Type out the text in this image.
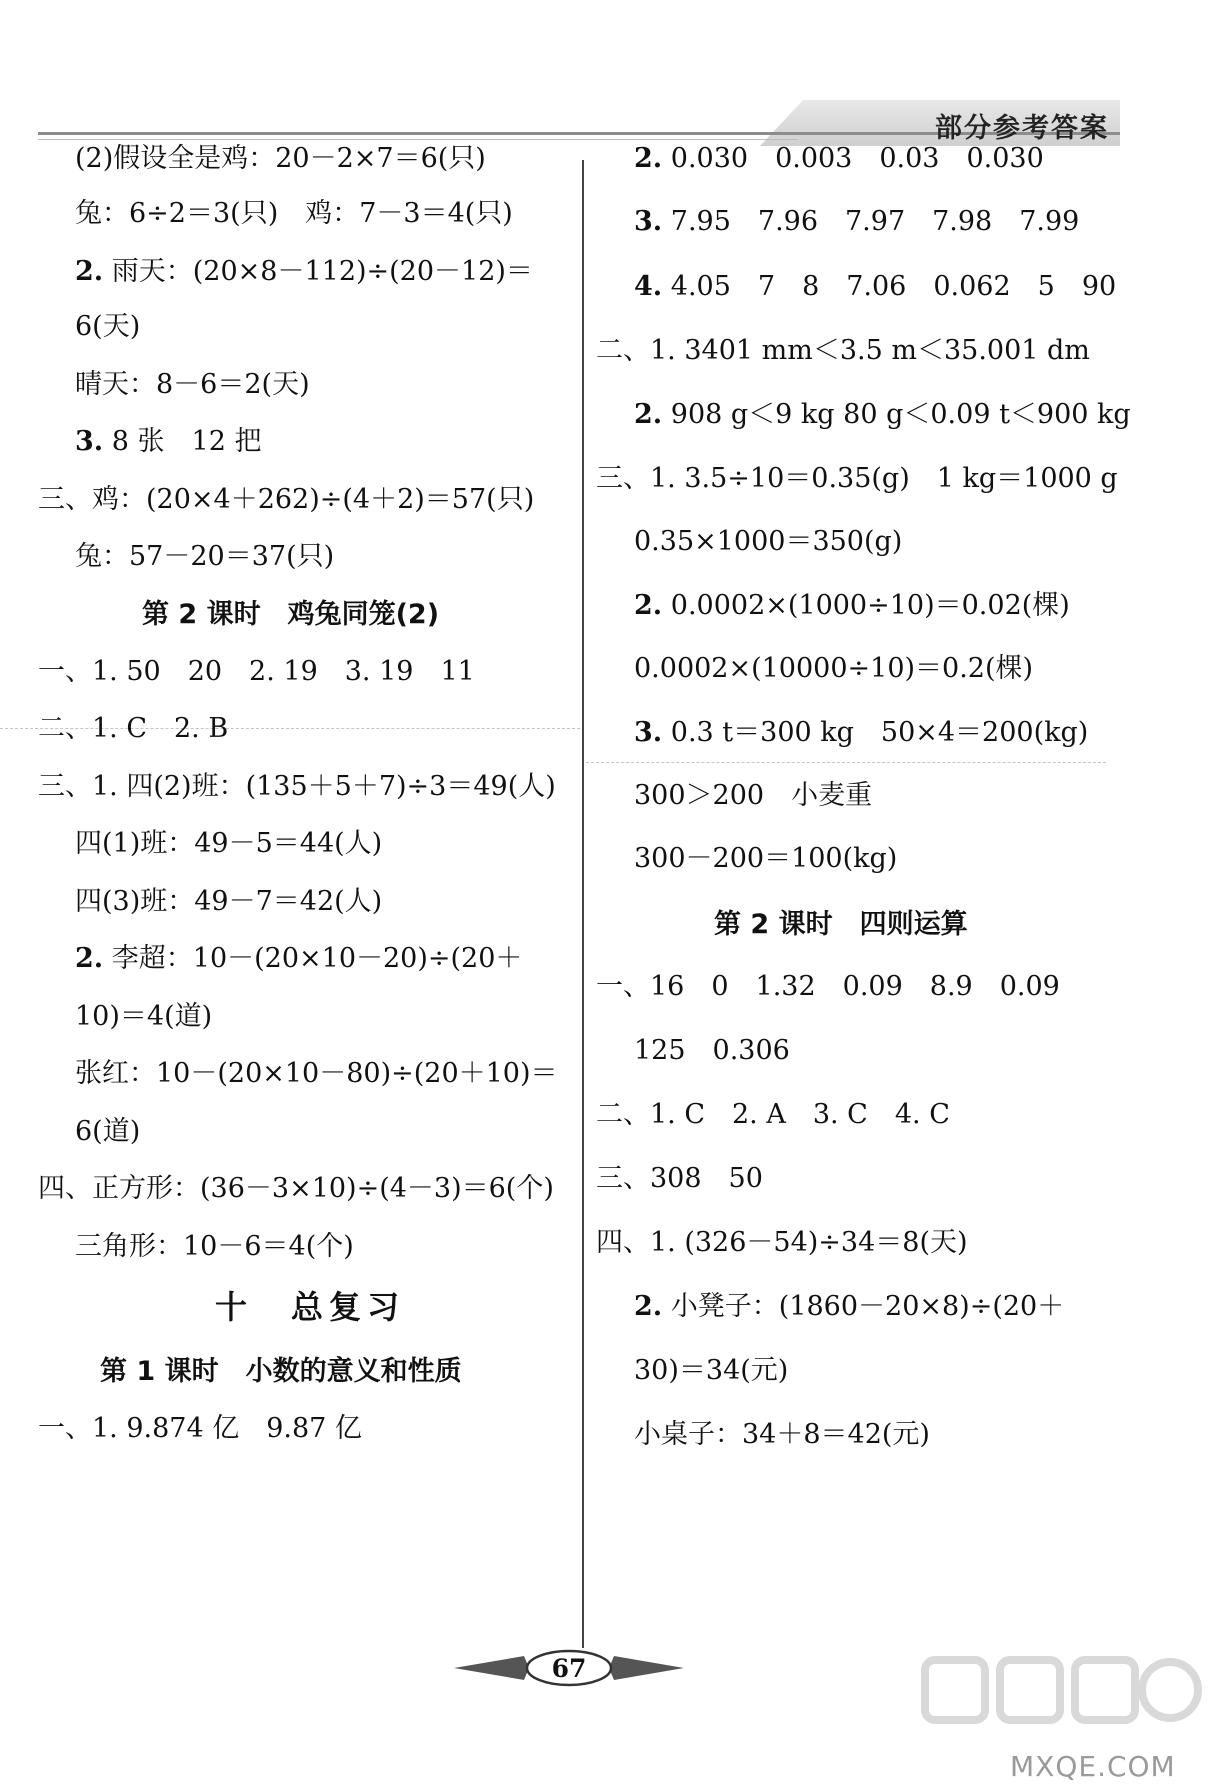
部分参考答案
(2)假设全是鸡：20－2×7＝6(只)
兔：6÷2＝3(只)　鸡：7－3＝4(只)
2. 雨天：(20×8－112)÷(20－12)＝
6(天)
晴天：8－6＝2(天)
3. 8 张　12 把
三、鸡：(20×4＋262)÷(4＋2)＝57(只)
兔：57－20＝37(只)
第 2 课时　鸡兔同笼(2)
一、1. 50　20　2. 19　3. 19　11
二、1. C　2. B
三、1. 四(2)班：(135＋5＋7)÷3＝49(人)
四(1)班：49－5＝44(人)
四(3)班：49－7＝42(人)
2. 李超：10－(20×10－20)÷(20＋
10)＝4(道)
张红：10－(20×10－80)÷(20＋10)＝
6(道)
四、正方形：(36－3×10)÷(4－3)＝6(个)
三角形：10－6＝4(个)
十　总复习
第 1 课时　小数的意义和性质
一、1. 9.874 亿　9.87 亿
2. 0.030　0.003　0.03　0.030
3. 7.95　7.96　7.97　7.98　7.99
4. 4.05　7　8　7.06　0.062　5　90
二、1. 3401 mm＜3.5 m＜35.001 dm
2. 908 g＜9 kg 80 g＜0.09 t＜900 kg
三、1. 3.5÷10＝0.35(g)　1 kg＝1000 g
0.35×1000＝350(g)
2. 0.0002×(1000÷10)＝0.02(棵)
0.0002×(10000÷10)＝0.2(棵)
3. 0.3 t＝300 kg　50×4＝200(kg)
300＞200　小麦重
300－200＝100(kg)
第 2 课时　四则运算
一、16　0　1.32　0.09　8.9　0.09
125　0.306
二、1. C　2. A　3. C　4. C
三、308　50
四、1. (326－54)÷34＝8(天)
2. 小凳子：(1860－20×8)÷(20＋
30)＝34(元)
小桌子：34＋8＝42(元)
67
MXQE.COM
